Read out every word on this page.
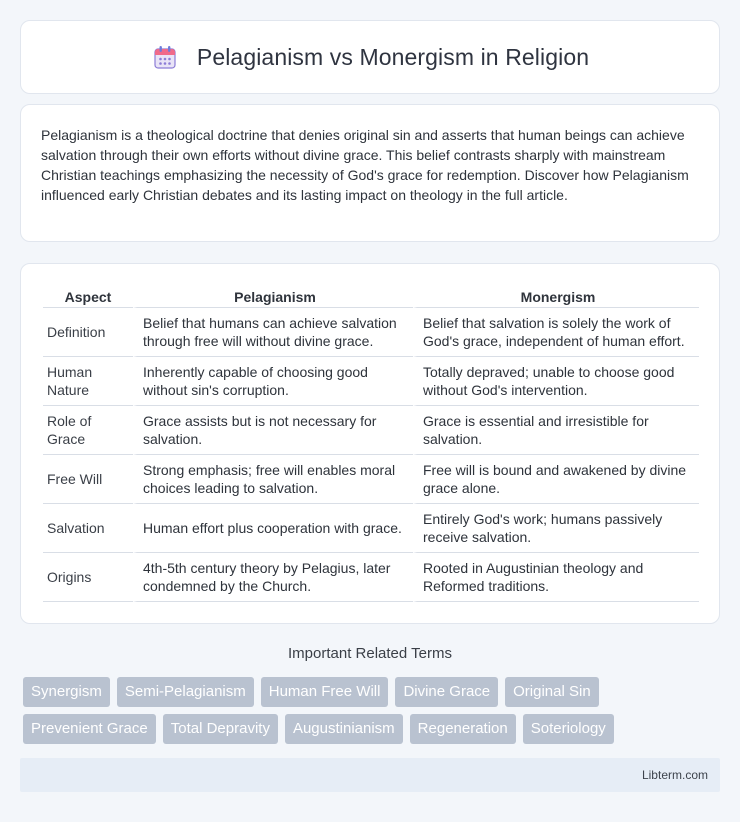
Pelagianism vs Monergism in Religion

Pelagianism is a theological doctrine that denies original sin and asserts that human beings can achieve salvation through their own efforts without divine grace. This belief contrasts sharply with mainstream Christian teachings emphasizing the necessity of God's grace for redemption. Discover how Pelagianism influenced early Christian debates and its lasting impact on theology in the full article.

Aspect	Pelagianism	Monergism
Definition	Belief that humans can achieve salvation through free will without divine grace.	Belief that salvation is solely the work of God's grace, independent of human effort.
Human Nature	Inherently capable of choosing good without sin's corruption.	Totally depraved; unable to choose good without God's intervention.
Role of Grace	Grace assists but is not necessary for salvation.	Grace is essential and irresistible for salvation.
Free Will	Strong emphasis; free will enables moral choices leading to salvation.	Free will is bound and awakened by divine grace alone.
Salvation	Human effort plus cooperation with grace.	Entirely God's work; humans passively receive salvation.
Origins	4th-5th century theory by Pelagius, later condemned by the Church.	Rooted in Augustinian theology and Reformed traditions.
Important Related Terms
Synergism	Semi-Pelagianism	Human Free Will	Divine Grace	Original Sin
Prevenient Grace	Total Depravity	Augustinianism	Regeneration	Soteriology
Libterm.com
